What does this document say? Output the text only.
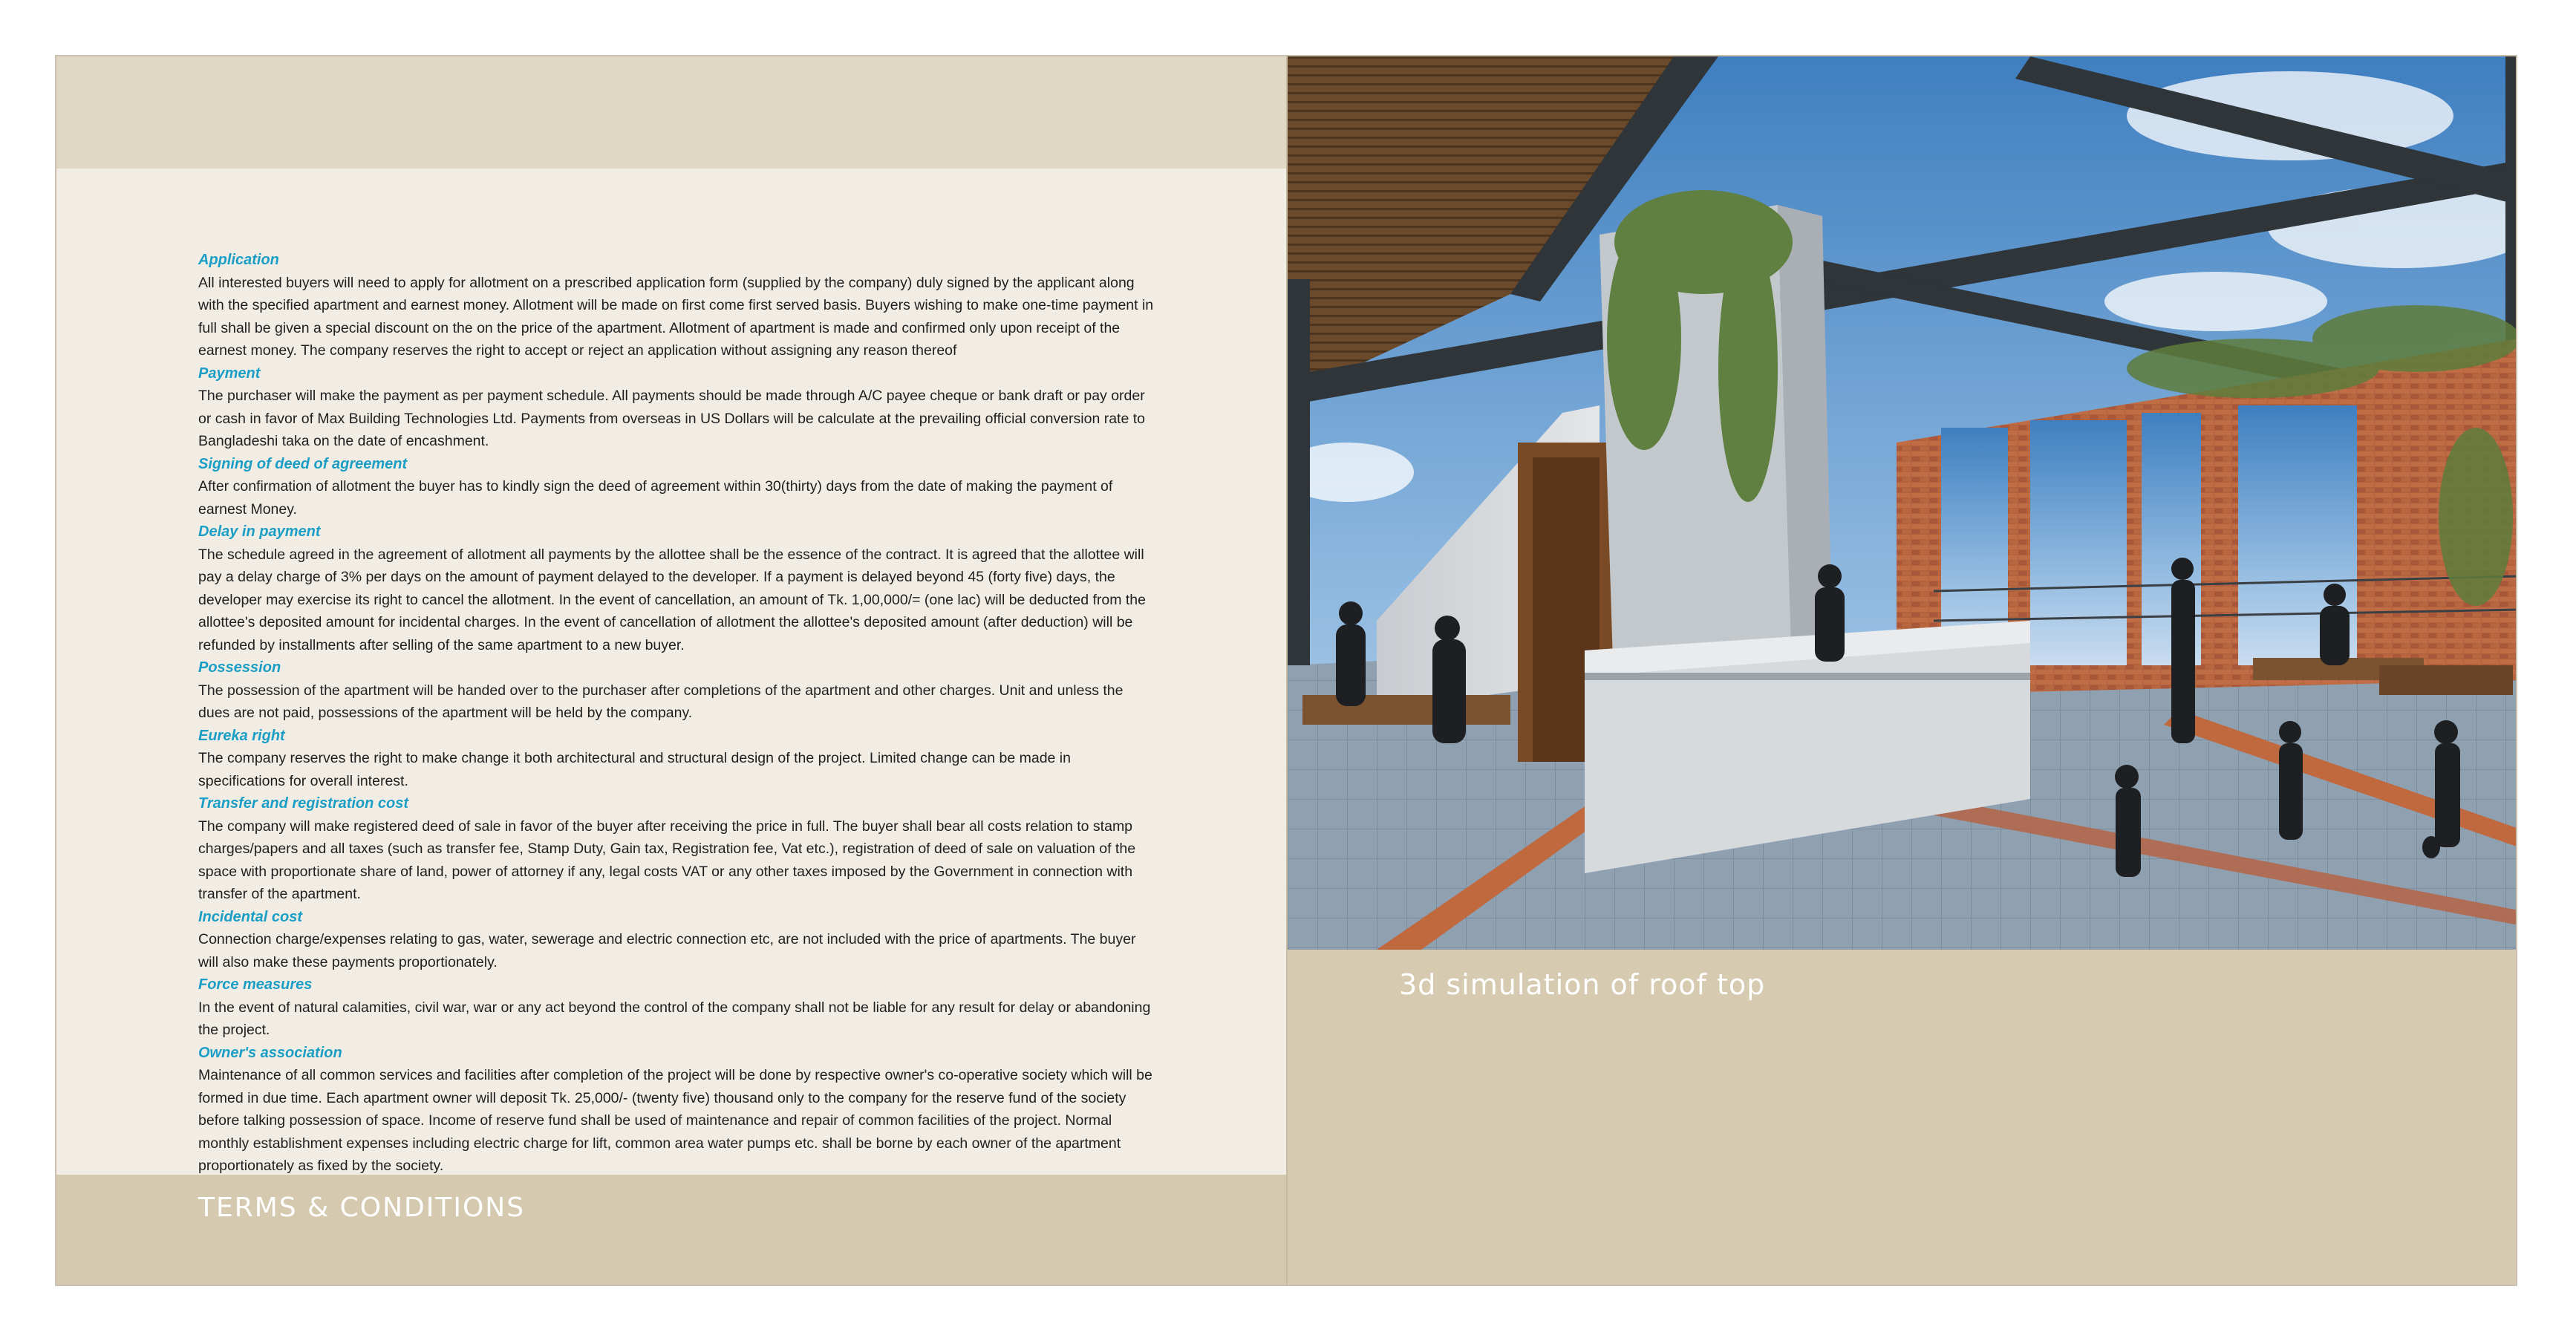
Application
All interested buyers will need to apply for allotment on a prescribed application form (supplied by the company) duly signed by the applicant along with the specified apartment and earnest money. Allotment will be made on first come first served basis. Buyers wishing to make one-time payment in full shall be given a special discount on the on the price of the apartment. Allotment of apartment is made and confirmed only upon receipt of the earnest money. The company reserves the right to accept or reject an application without assigning any reason thereof
Payment
The purchaser will make the payment as per payment schedule. All payments should be made through A/C payee cheque or bank draft or pay order or cash in favor of Max Building Technologies Ltd. Payments from overseas in US Dollars will be calculate at the prevailing official conversion rate to Bangladeshi taka on the date of encashment.
Signing of deed of agreement
After confirmation of allotment the buyer has to kindly sign the deed of agreement within 30(thirty) days from the date of making the payment of earnest Money.
Delay in payment
The schedule agreed in the agreement of allotment all payments by the allottee shall be the essence of the contract. It is agreed that the allottee will pay a delay charge of 3% per days on the amount of payment delayed to the developer. If a payment is delayed beyond 45 (forty five) days, the developer may exercise its right to cancel the allotment. In the event of cancellation, an amount of Tk. 1,00,000/= (one lac) will be deducted from the allottee's deposited amount for incidental charges. In the event of cancellation of allotment the allottee's deposited amount (after deduction) will be refunded by installments after selling of the same apartment to a new buyer.
Possession
The possession of the apartment will be handed over to the purchaser after completions of the apartment and other charges. Unit and unless the dues are not paid, possessions of the apartment will be held by the company.
Eureka right
The company reserves the right to make change it both architectural and structural design of the project. Limited change can be made in specifications for overall interest.
Transfer and registration cost
The company will make registered deed of sale in favor of the buyer after receiving the price in full. The buyer shall bear all costs relation to stamp charges/papers and all taxes (such as transfer fee, Stamp Duty, Gain tax, Registration fee, Vat etc.), registration of deed of sale on valuation of the space with proportionate share of land, power of attorney if any, legal costs VAT or any other taxes imposed by the Government in connection with transfer of the apartment.
Incidental cost
Connection charge/expenses relating to gas, water, sewerage and electric connection etc, are not included with the price of apartments. The buyer will also make these payments proportionately.
Force measures
In the event of natural calamities, civil war, war or any act beyond the control of the company shall not be liable for any result for delay or abandoning the project.
Owner's association
Maintenance of all common services and facilities after completion of the project will be done by respective owner's co-operative society which will be formed in due time. Each apartment owner will deposit Tk. 25,000/- (twenty five) thousand only to the company for the reserve fund of the society before talking possession of space. Income of reserve fund shall be used of maintenance and repair of common facilities of the project. Normal monthly establishment expenses including electric charge for lift, common area water pumps etc. shall be borne by each owner of the apartment proportionately as fixed by the society.
TERMS & CONDITIONS
3d simulation of roof top
